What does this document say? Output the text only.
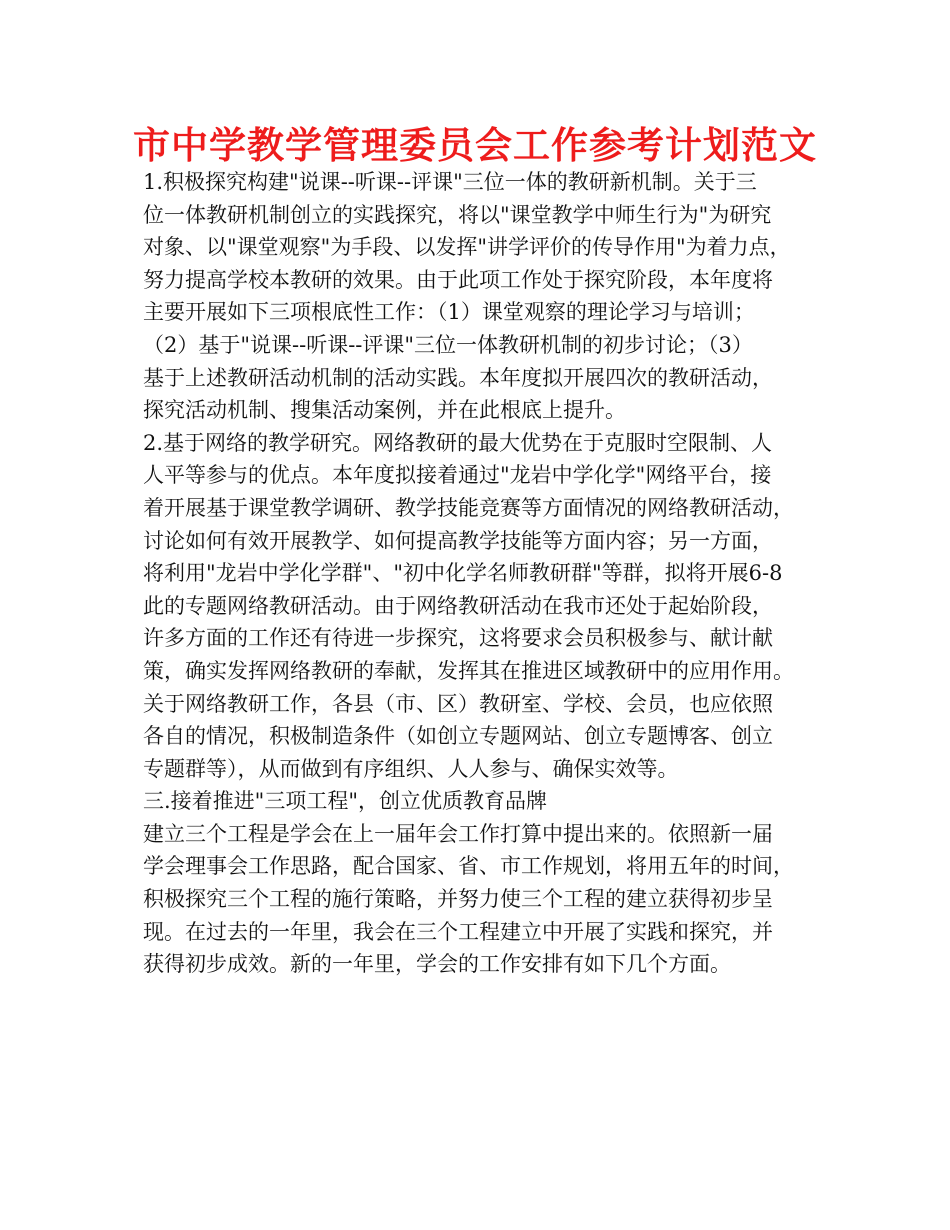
市中学教学管理委员会工作参考计划范文
1.积极探究构建"说课--听课--评课"三位一体的教研新机制。关于三
位一体教研机制创立的实践探究，将以"课堂教学中师生行为"为研究
对象、以"课堂观察"为手段、以发挥"讲学评价的传导作用"为着力点，
努力提高学校本教研的效果。由于此项工作处于探究阶段，本年度将
主要开展如下三项根底性工作：（1）课堂观察的理论学习与培训；
（2）基于"说课--听课--评课"三位一体教研机制的初步讨论；（3）
基于上述教研活动机制的活动实践。本年度拟开展四次的教研活动，
探究活动机制、搜集活动案例，并在此根底上提升。
2.基于网络的教学研究。网络教研的最大优势在于克服时空限制、人
人平等参与的优点。本年度拟接着通过"龙岩中学化学"网络平台，接
着开展基于课堂教学调研、教学技能竞赛等方面情况的网络教研活动，
讨论如何有效开展教学、如何提高教学技能等方面内容；另一方面，
将利用"龙岩中学化学群"、"初中化学名师教研群"等群，拟将开展6-8
此的专题网络教研活动。由于网络教研活动在我市还处于起始阶段，
许多方面的工作还有待进一步探究，这将要求会员积极参与、献计献
策，确实发挥网络教研的奉献，发挥其在推进区域教研中的应用作用。
关于网络教研工作，各县（市、区）教研室、学校、会员，也应依照
各自的情况，积极制造条件（如创立专题网站、创立专题博客、创立
专题群等），从而做到有序组织、人人参与、确保实效等。
三.接着推进"三项工程"，创立优质教育品牌
建立三个工程是学会在上一届年会工作打算中提出来的。依照新一届
学会理事会工作思路，配合国家、省、市工作规划，将用五年的时间，
积极探究三个工程的施行策略，并努力使三个工程的建立获得初步呈
现。在过去的一年里，我会在三个工程建立中开展了实践和探究，并
获得初步成效。新的一年里，学会的工作安排有如下几个方面。
